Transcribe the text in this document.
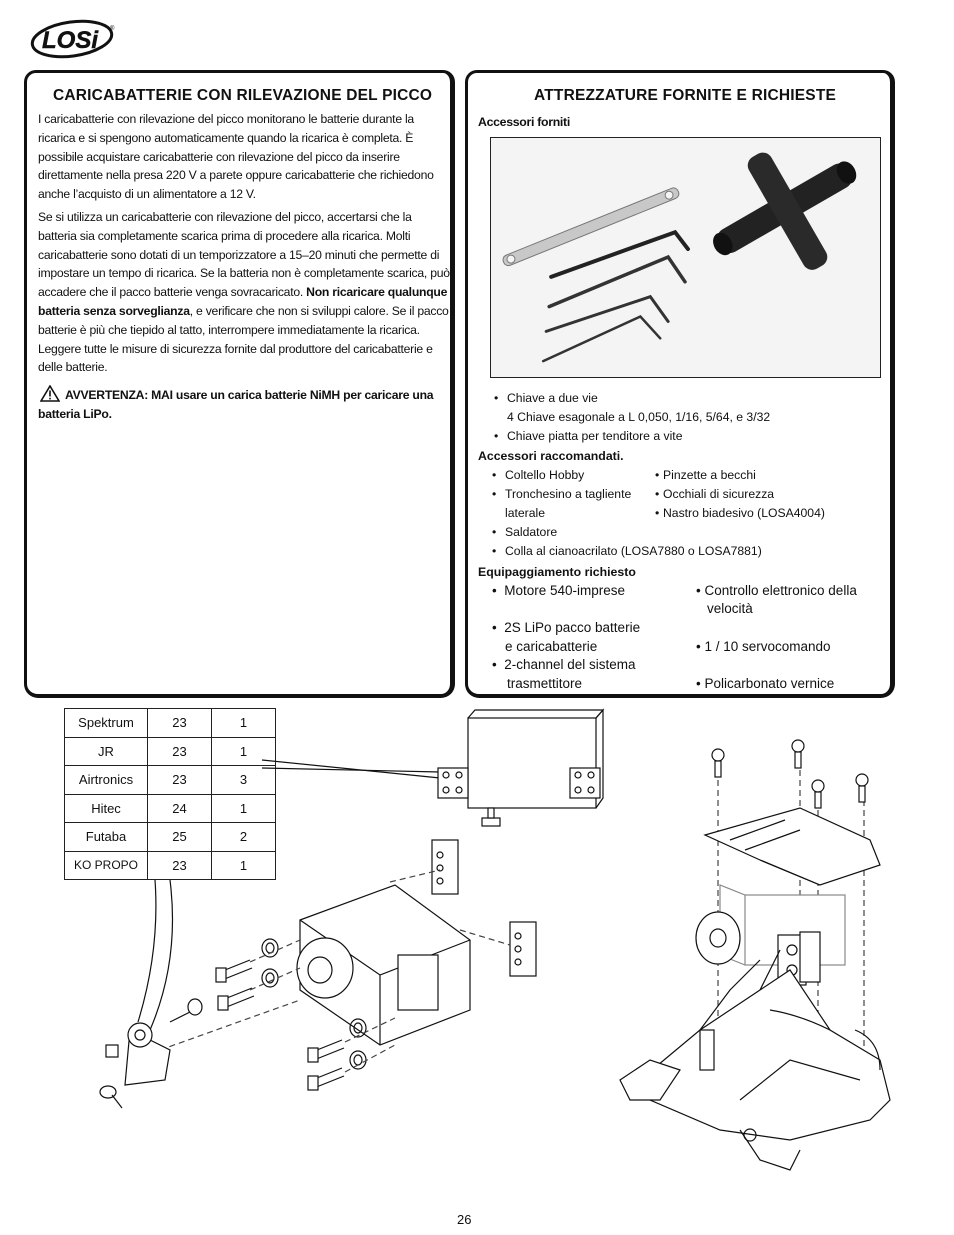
LOSi ®
CARICABATTERIE CON RILEVAZIONE DEL PICCO

I caricabatterie con rilevazione del picco monitorano le batterie durante la ricarica e si spengono automaticamente quando la ricarica è completa. È possibile acquistare caricabatterie con rilevazione del picco da inserire direttamente nella presa 220 V a parete oppure caricabatterie che richiedono anche l’acquisto di un alimentatore a 12 V.

Se si utilizza un caricabatterie con rilevazione del picco, accertarsi che la batteria sia completamente scarica prima di procedere alla ricarica. Molti caricabatterie sono dotati di un temporizzatore a 15–20 minuti che permette di impostare un tempo di ricarica. Se la batteria non è completamente scarica, può accadere che il pacco batterie venga sovracaricato. Non ricaricare qualunque batteria senza sorveglianza, e verificare che non si sviluppi calore. Se il pacco batterie è più che tiepido al tatto, interrompere immediatamente la ricarica. Leggere tutte le misure di sicurezza fornite dal produttore del caricabatterie e delle batterie.

AVVERTENZA: MAI usare un carica batterie NiMH per caricare una batteria LiPo.

ATTREZZATURE FORNITE E RICHIESTE

Accessori forniti

• Chiave a due vie
4 Chiave esagonale a L 0,050, 1/16, 5/64, e 3/32
• Chiave piatta per tenditore a vite

Accessori raccomandati.

• Coltello Hobby
• Tronchesino a tagliente laterale
• Saldatore
• Pinzette a becchi
• Occhiali di sicurezza
• Nastro biadesivo (LOSA4004)
• Colla al cianoacrilato (LOSA7880 o LOSA7881)

Equipaggiamento richiesto

•  Motore 540-imprese	• Controllo elettronico della
velocità
•  2S LiPo pacco batterie
e caricabatterie	• 1 / 10 servocomando
•  2-channel del sistema
trasmettitore	• Policarbonato vernice
Spektrum	23	1
JR	23	1
Airtronics	23	3
Hitec	24	1
Futaba	25	2
KO PROPO	23	1
26
